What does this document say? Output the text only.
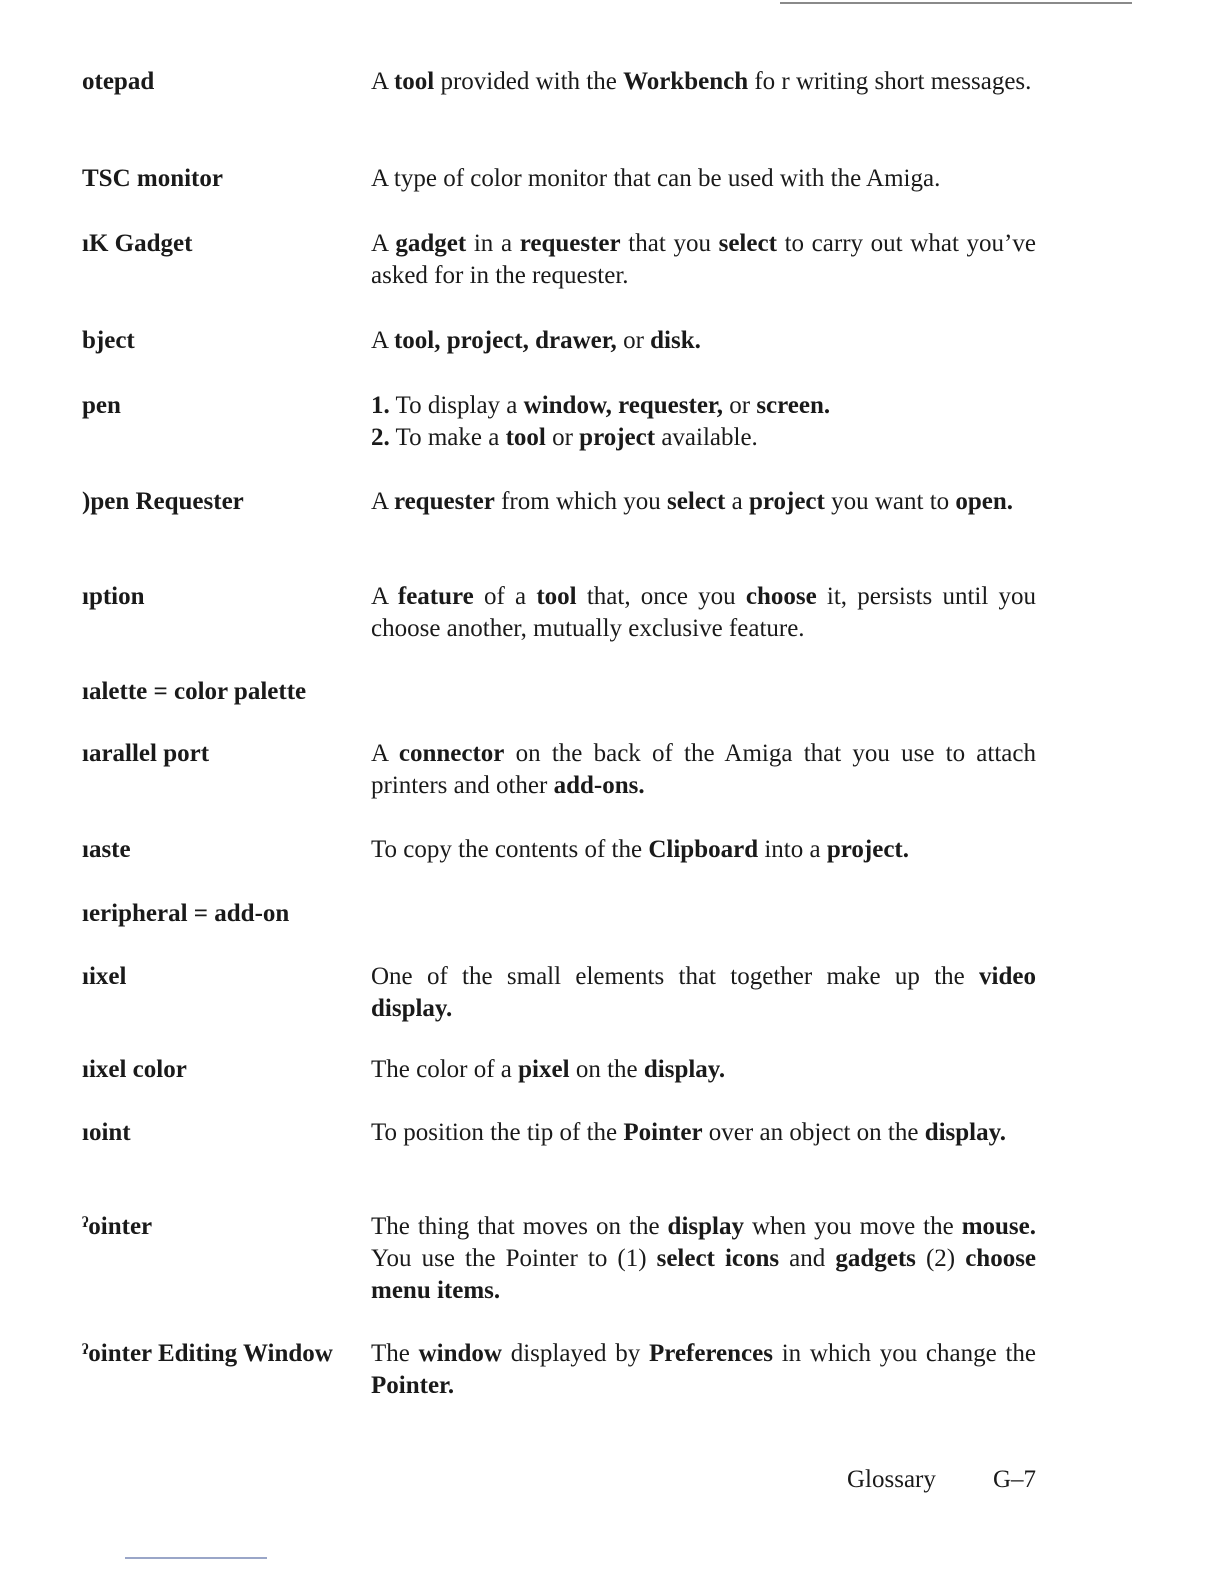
otepad	A tool provided with the Workbench fo r writing short messages.
TSC monitor	A type of color monitor that can be used with the Amiga.
ıK Gadget	A gadget in a requester that you select to carry out what you’ve asked for in the requester.
bject	A tool, project, drawer, or disk.
pen	1. To display a window, requester, or screen.
2. To make a tool or project available.
)pen Requester	A requester from which you select a project you want to open.
ıption	A feature of a tool that, once you choose it, persists until you choose another, mutually exclusive feature.
ıalette = color palette
ıarallel port	A connector on the back of the Amiga that you use to attach printers and other add-ons.
ıaste	To copy the contents of the Clipboard into a project.
ıeripheral = add-on
ıixel	One of the small elements that together make up the video display.
ıixel color	The color of a pixel on the display.
ıoint	To position the tip of the Pointer over an object on the display.
ˀointer	The thing that moves on the display when you move the mouse. You use the Pointer to (1) select icons and gadgets (2) choose menu items.
ˀointer Editing Window	The window displayed by Preferences in which you change the Pointer.
Glossary G–7
